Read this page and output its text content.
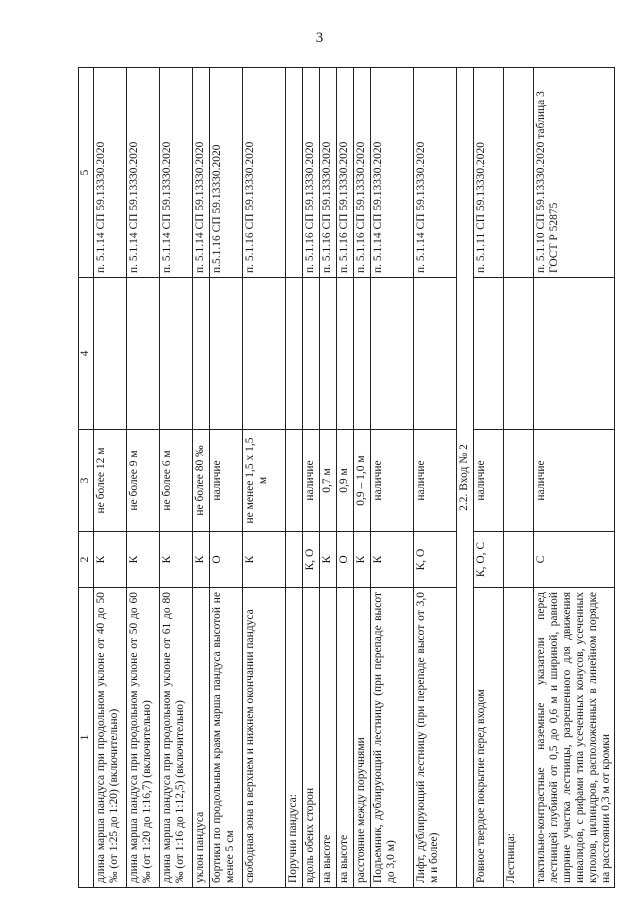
3
1	2	3	4	5
длина марша пандуса при продольном уклоне от 40 до 50 ‰ (от 1:25 до 1:20) (включительно)	К	не более 12 м		п. 5.1.14 СП 59.13330.2020
длина марша пандуса при продольном уклоне от 50 до 60 ‰ (от 1:20 до 1:16,7) (включительно)	К	не более 9 м		п. 5.1.14 СП 59.13330.2020
длина марша пандуса при продольном уклоне от 61 до 80 ‰ (от 1:16 до 1:12,5) (включительно)	К	не более 6 м		п. 5.1.14 СП 59.13330.2020
уклон пандуса	К	не более 80 ‰		п. 5.1.14 СП 59.13330.2020
бортики по продольным краям марша пандуса высотой не менее 5 см	О	наличие		п.5.1.16 СП 59.13330.2020
свободная зона в верхнем и нижнем окончании пандуса	К	не менее 1,5 х 1,5 м		п. 5.1.16 СП 59.13330.2020
Поручни пандуса:				
вдоль обеих сторон	К, О	наличие		п. 5.1.16 СП 59.13330.2020
на высоте	К	0,7 м		п. 5.1.16 СП 59.13330.2020
на высоте	О	0,9 м		п. 5.1.16 СП 59.13330.2020
расстояние между поручнями	К	0,9 – 1,0 м		п. 5.1.16 СП 59.13330.2020
Подъемник, дублирующий лестницу (при перепаде высот до 3,0 м)	К	наличие		п. 5.1.14 СП 59.13330.2020
Лифт, дублирующий лестницу (при перепаде высот от 3,0 м и более)	К, О	наличие		п. 5.1.14 СП 59.13330.2020
2.2. Вход № 2				
Ровное твердое покрытие перед входом	К, О, С	наличие		п. 5.1.11 СП 59.13330.2020
Лестница:				
тактильно-контрастные наземные указатели перед лестницей глубиной от 0,5 до 0,6 м и шириной, равной ширине участка лестницы, разрешенного для движения инвалидов, с рифами типа усеченных конусов, усеченных куполов, цилиндров, расположенных в линейном порядке на расстоянии 0,3 м от кромки	С	наличие		п. 5.1.10 СП 59.13330.2020 таблица 3 ГОСТ Р 52875
